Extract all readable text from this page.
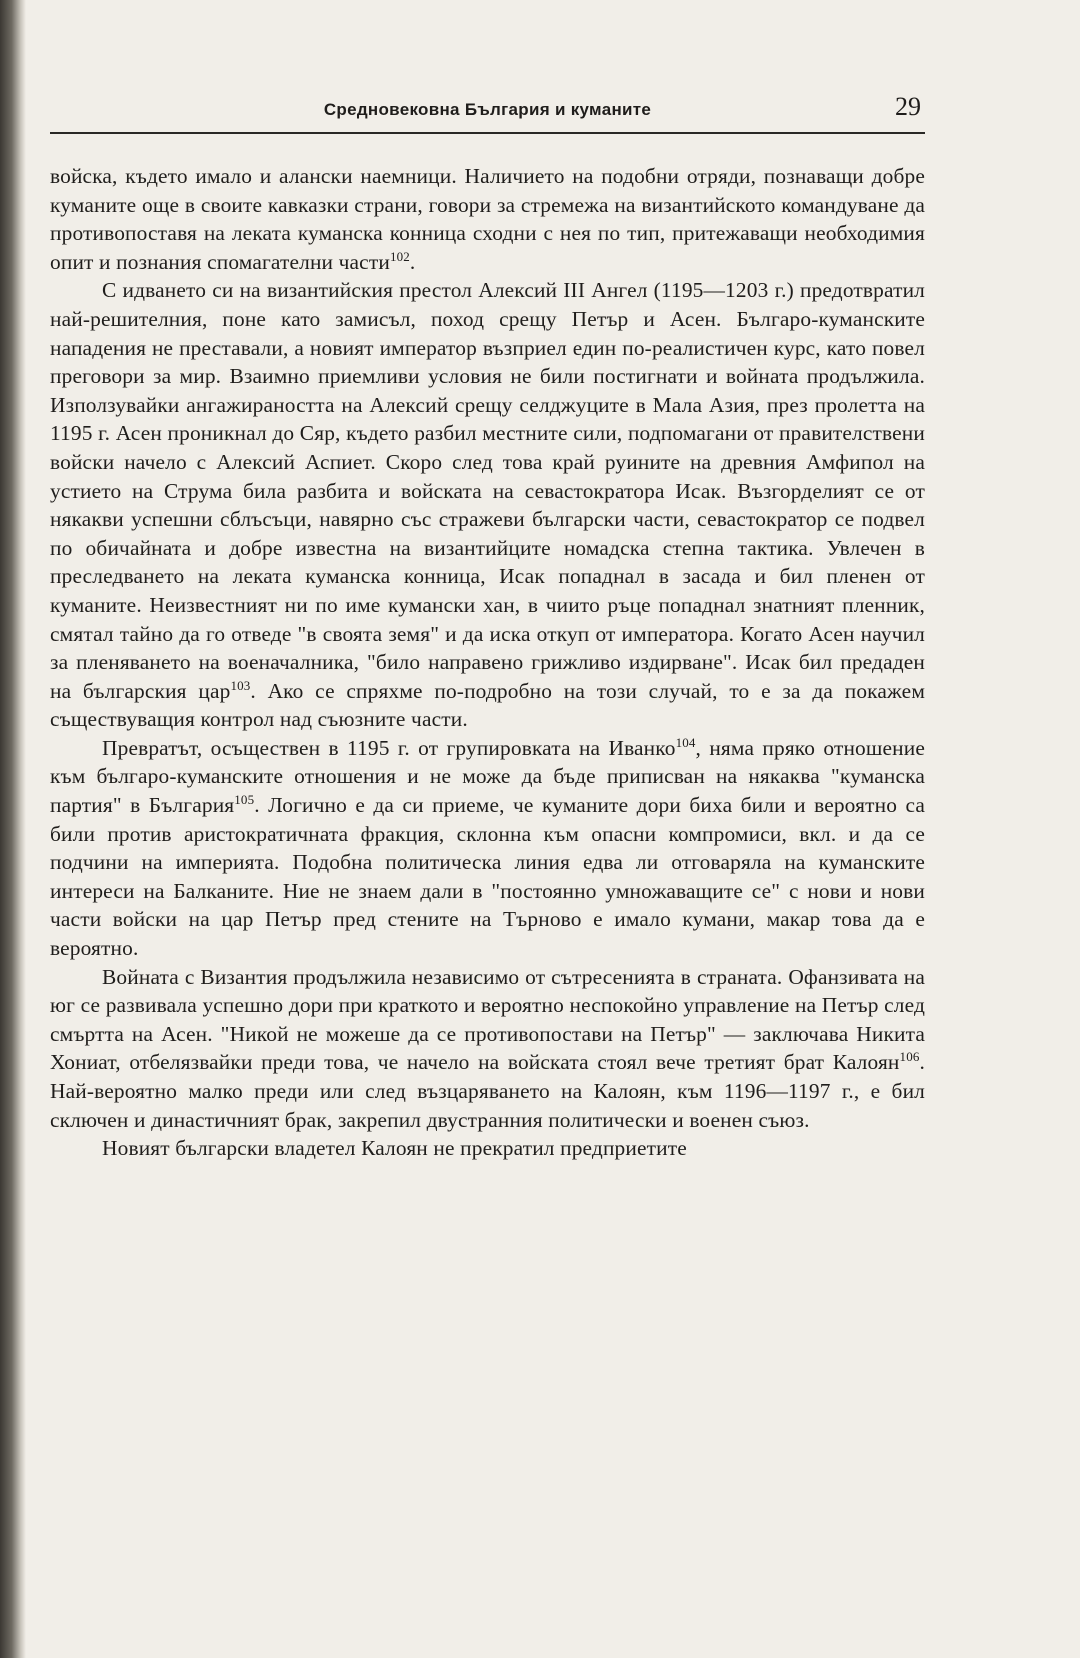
Средновековна България и куманите	29

войска, където имало и алански наемници. Наличието на подобни отряди, познаващи добре куманите още в своите кавказки страни, говори за стремежа на византийското командуване да противопоставя на леката куманска конница сходни с нея по тип, притежаващи необходимия опит и познания спомагателни части$^{102}$.

С идването си на византийския престол Алексий III Ангел (1195—1203 г.) предотвратил най-решителния, поне като замисъл, поход срещу Петър и Асен. Българо-куманските нападения не преставали, а новият император възприел един по-реалистичен курс, като повел преговори за мир. Взаимно приемливи условия не били постигнати и войната продължила. Използувайки ангажираността на Алексий срещу селджуците в Мала Азия, през пролетта на 1195 г. Асен проникнал до Сяр, където разбил местните сили, подпомагани от правителствени войски начело с Алексий Аспиет. Скоро след това край руините на древния Амфипол на устието на Струма била разбита и войската на севастократора Исак. Възгорделият се от някакви успешни сблъсъци, навярно със стражеви български части, севастократор се подвел по обичайната и добре известна на византийците номадска степна тактика. Увлечен в преследването на леката куманска конница, Исак попаднал в засада и бил пленен от куманите. Неизвестният ни по име кумански хан, в чиито ръце попаднал знатният пленник, смятал тайно да го отведе "в своята земя" и да иска откуп от императора. Когато Асен научил за пленяването на военачалника, "било направено грижливо издирване". Исак бил предаден на българския цар$^{103}$. Ако се спряхме по-подробно на този случай, то е за да покажем съществуващия контрол над съюзните части.

Превратът, осъществен в 1195 г. от групировката на Иванко$^{104}$, няма пряко отношение към българо-куманските отношения и не може да бъде приписван на някаква "куманска партия" в България$^{105}$. Логично е да си приеме, че куманите дори биха били и вероятно са били против аристократичната фракция, склонна към опасни компромиси, вкл. и да се подчини на империята. Подобна политическа линия едва ли отговаряла на куманските интереси на Балканите. Ние не знаем дали в "постоянно умножаващите се" с нови и нови части войски на цар Петър пред стените на Търново е имало кумани, макар това да е вероятно.

Войната с Византия продължила независимо от сътресенията в страната. Офанзивата на юг се развивала успешно дори при краткото и вероятно неспокойно управление на Петър след смъртта на Асен. "Никой не можеше да се противопостави на Петър" — заключава Никита Хониат, отбелязвайки преди това, че начело на войската стоял вече третият брат Калоян$^{106}$. Най-вероятно малко преди или след възцаряването на Калоян, към 1196—1197 г., е бил сключен и династичният брак, закрепил двустранния политически и военен съюз.

Новият български владетел Калоян не прекратил предприетите
